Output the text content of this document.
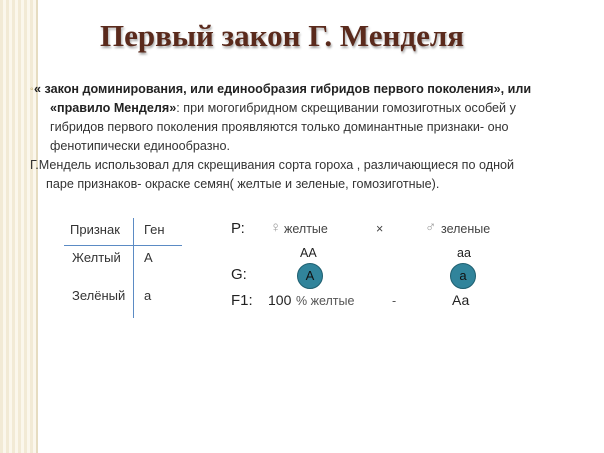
Первый закон Г. Менделя
◦ « закон доминирования, или единообразия гибридов первого поколения», или
«правило Менделя»: при могогибридном скрещивании гомозиготных особей у
гибридов первого поколения проявляются только доминантные признаки- оно
фенотипически единообразно.
Г.Мендель использовал для скрещивания сорта гороха , различающиеся по одной
паре признаков- окраске семян( желтые и зеленые, гомозиготные).
Признак Ген
Желтый А
Зелёный а
Р: ♀ желтые	×	♂ зеленые
АА	аа
G:	А	а
F1: 100 % желтые	-	Аа
